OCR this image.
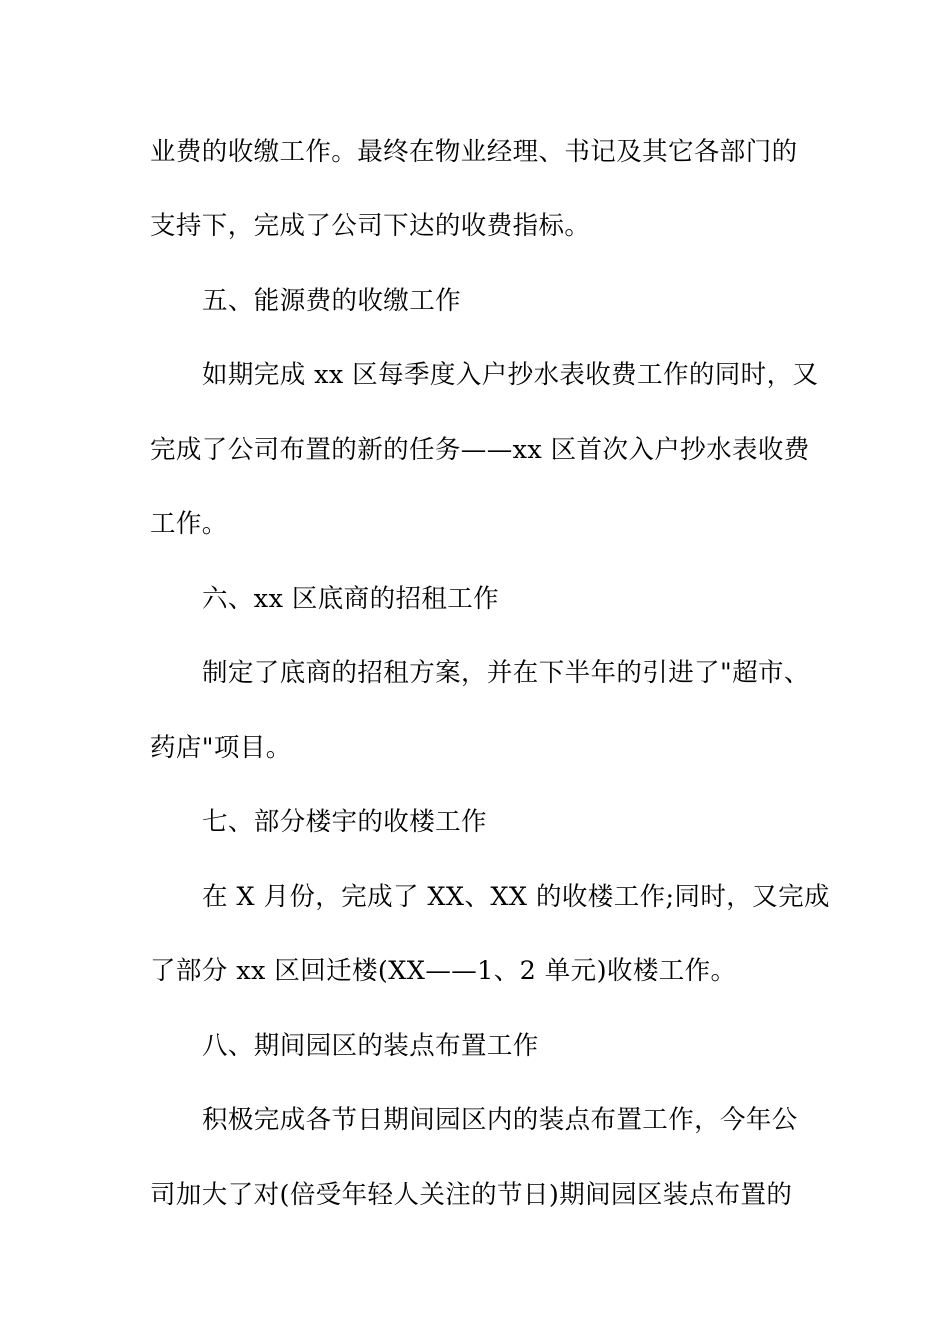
业费的收缴工作。最终在物业经理、书记及其它各部门的
支持下，完成了公司下达的收费指标。
五、能源费的收缴工作
如期完成 xx 区每季度入户抄水表收费工作的同时，又
完成了公司布置的新的任务——xx 区首次入户抄水表收费
工作。
六、xx 区底商的招租工作
制定了底商的招租方案，并在下半年的引进了"超市、
药店"项目。
七、部分楼宇的收楼工作
在 X 月份，完成了 XX、XX 的收楼工作;同时，又完成
了部分 xx 区回迁楼(XX——1、2 单元)收楼工作。
八、期间园区的装点布置工作
积极完成各节日期间园区内的装点布置工作，今年公
司加大了对(倍受年轻人关注的节日)期间园区装点布置的
